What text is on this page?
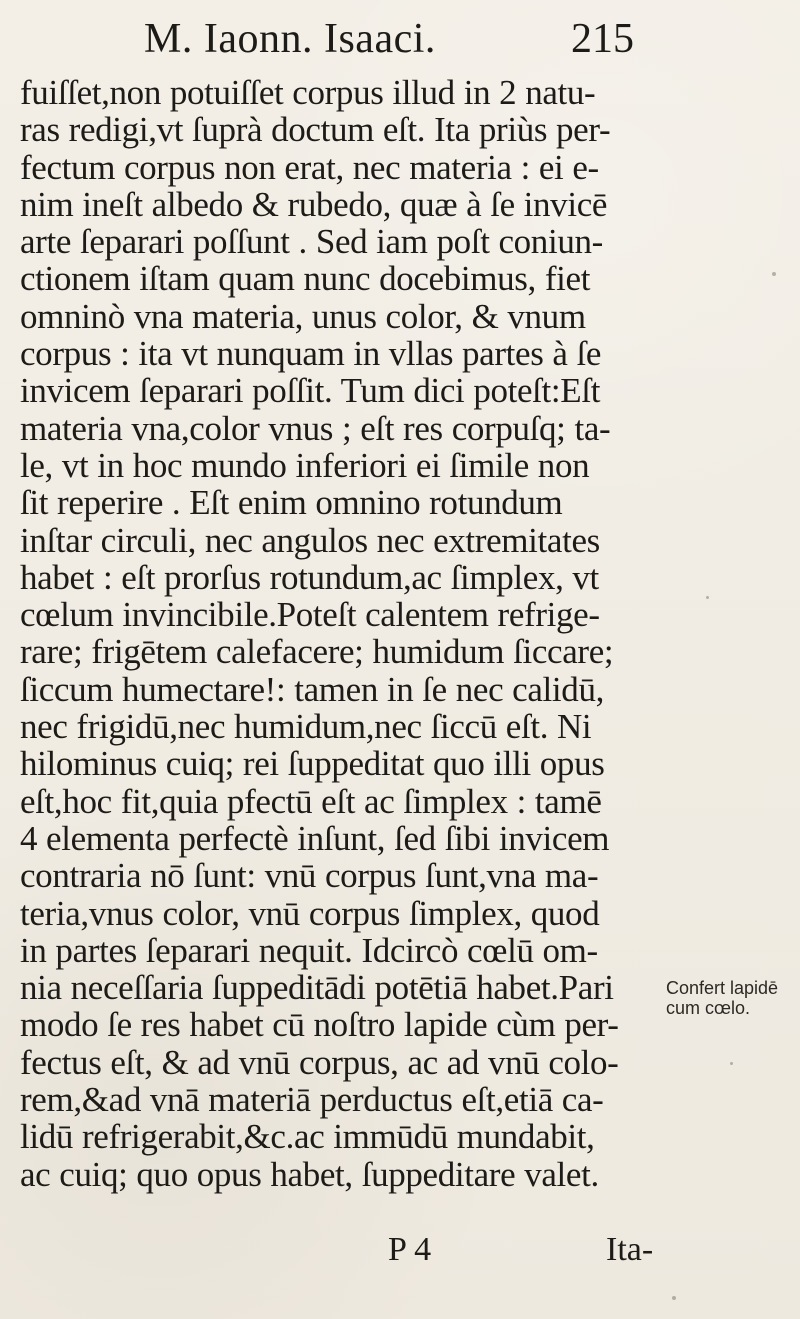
M. Iaonn. Isaaci.	215
fuiſſet,non potuiſſet corpus illud in 2 natu-
ras redigi,vt ſuprà doctum eſt. Ita priùs per-
fectum corpus non erat, nec materia : ei e-
nim ineſt albedo & rubedo, quæ à ſe invicē
arte ſeparari poſſunt . Sed iam poſt coniun-
ctionem iſtam quam nunc docebimus, fiet
omninò vna materia, unus color, & vnum
corpus : ita vt nunquam in vllas partes à ſe
invicem ſeparari poſſit. Tum dici poteſt:Eſt
materia vna,color vnus ; eſt res corpuſq; ta-
le, vt in hoc mundo inferiori ei ſimile non
ſit reperire . Eſt enim omnino rotundum
inſtar circuli, nec angulos nec extremitates
habet : eſt prorſus rotundum,ac ſimplex, vt
cœlum invincibile.Poteſt calentem refrige-
rare; frigētem calefacere; humidum ſiccare;
ſiccum humectare!: tamen in ſe nec calidū,
nec frigidū,nec humidum,nec ſiccū eſt. Ni
hilominus cuiq; rei ſuppeditat quo illi opus
eſt,hoc fit,quia pfectū eſt ac ſimplex : tamē
4 elementa perfectè inſunt, ſed ſibi invicem
contraria nō ſunt: vnū corpus ſunt,vna ma-
teria,vnus color, vnū corpus ſimplex, quod
in partes ſeparari nequit. Idcircò cœlū om-
nia neceſſaria ſuppeditādi potētiā habet.Pari
modo ſe res habet cū noſtro lapide cùm per-
fectus eſt, & ad vnū corpus, ac ad vnū colo-
rem,&ad vnā materiā perductus eſt,etiā ca-
lidū refrigerabit,&c.ac immūdū mundabit,
ac cuiq; quo opus habet, ſuppeditare valet.
P 4	Ita-
Confert lapidē
cum cœlo.
